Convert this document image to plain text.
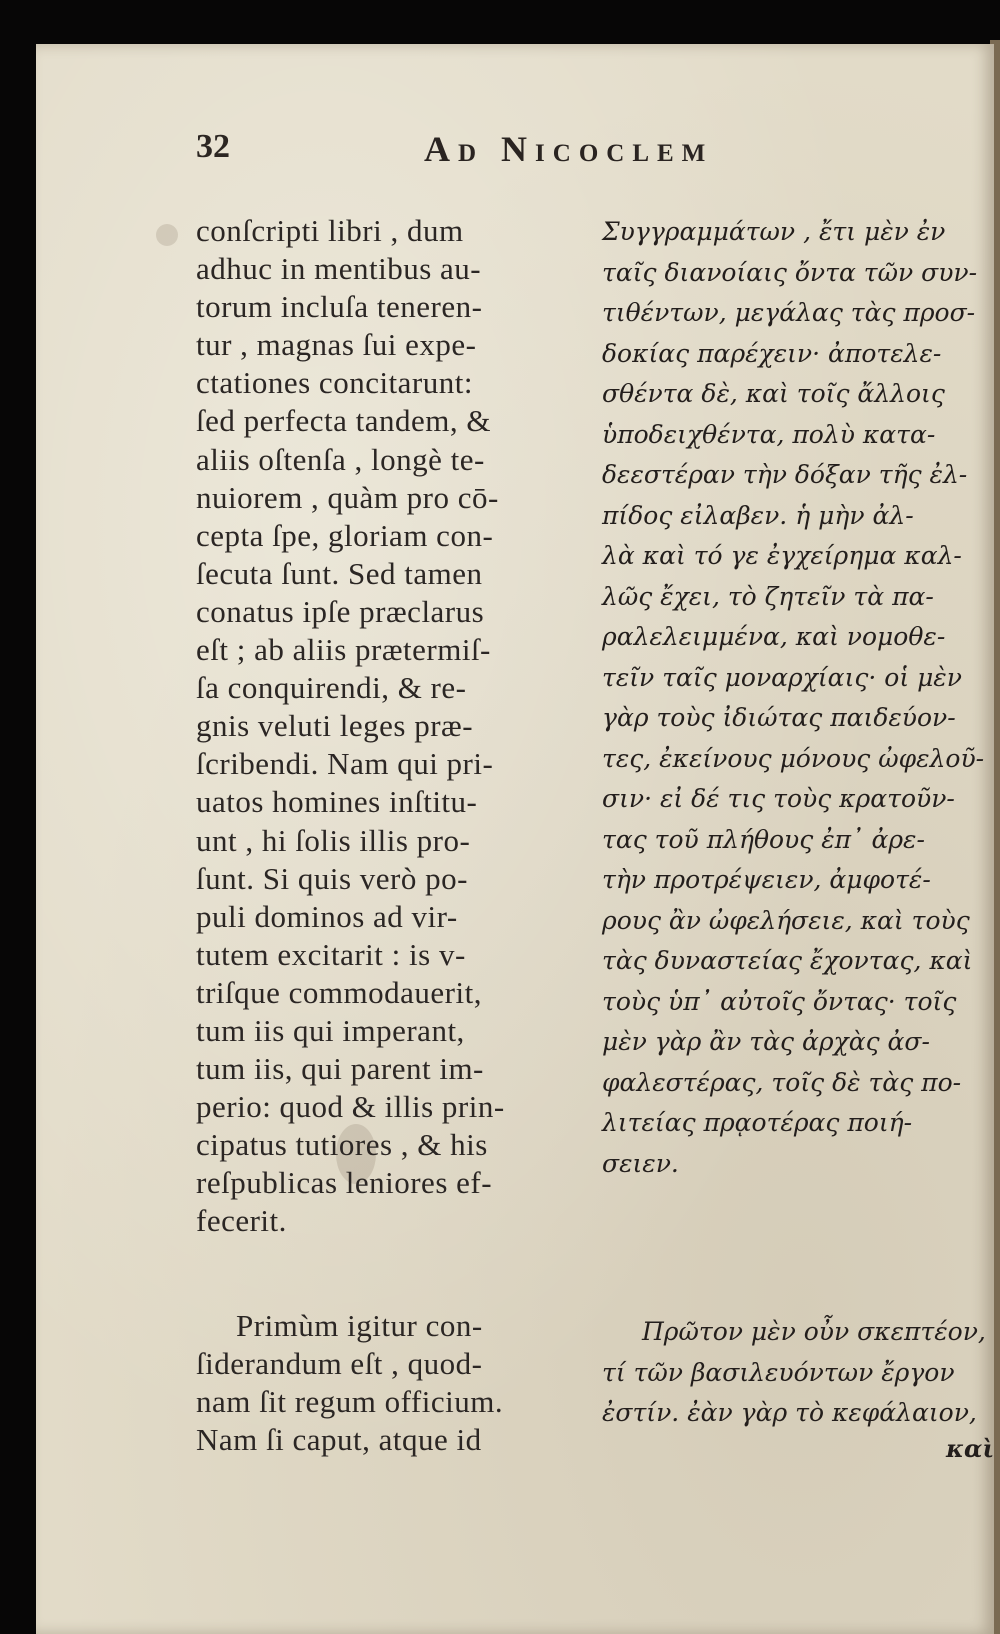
32	Ad Nicoclem
conſcripti libri , dum
adhuc in mentibus au-
torum incluſa teneren-
tur , magnas ſui expe-
ctationes concitarunt:
ſed perfecta tandem, &
aliis oſtenſa , longè te-
nuiorem , quàm pro cō-
cepta ſpe, gloriam con-
ſecuta ſunt. Sed tamen
conatus ipſe præclarus
eſt ; ab aliis prætermiſ-
ſa conquirendi, & re-
gnis veluti leges præ-
ſcribendi. Nam qui pri-
uatos homines inſtitu-
unt , hi ſolis illis pro-
ſunt. Si quis verò po-
puli dominos ad vir-
tutem excitarit : is v-
triſque commodauerit,
tum iis qui imperant,
tum iis, qui parent im-
perio: quod & illis prin-
cipatus tutiores , & his
reſpublicas leniores ef-
fecerit.
Primùm igitur con-
ſiderandum eſt , quod-
nam ſit regum officium.
Nam ſi caput, atque id
Συγγραμμάτων , ἔτι μὲν ἐν
ταῖς διανοίαις ὄντα τῶν συν-
τιθέντων, μεγάλας τὰς προσ-
δοκίας παρέχειν· ἀποτελε-
σθέντα δὲ, καὶ τοῖς ἄλλοις
ὑποδειχθέντα, πολὺ κατα-
δεεστέραν τὴν δόξαν τῆς ἐλ-
πίδος εἰλαβεν. ἡ μὴν ἀλ-
λὰ καὶ τό γε ἐγχείρημα καλ-
λῶς ἔχει, τὸ ζητεῖν τὰ πα-
ραλελειμμένα, καὶ νομοθε-
τεῖν ταῖς μοναρχίαις· οἱ μὲν
γὰρ τοὺς ἰδιώτας παιδεύον-
τες, ἐκείνους μόνους ὠφελοῦ-
σιν· εἰ δέ τις τοὺς κρατοῦν-
τας τοῦ πλήθους ἐπ᾽ ἀρε-
τὴν προτρέψειεν, ἀμφοτέ-
ρους ἂν ὠφελήσειε, καὶ τοὺς
τὰς δυναστείας ἔχοντας, καὶ
τοὺς ὑπ᾽ αὐτοῖς ὄντας· τοῖς
μὲν γὰρ ἂν τὰς ἀρχὰς ἀσ-
φαλεστέρας, τοῖς δὲ τὰς πο-
λιτείας πρᾳοτέρας ποιή-
σειεν.
Πρῶτον μὲν οὖν σκεπτέον,
τί τῶν βασιλευόντων ἔργον
ἐστίν. ἐὰν γὰρ τὸ κεφάλαιον,
καὶ
